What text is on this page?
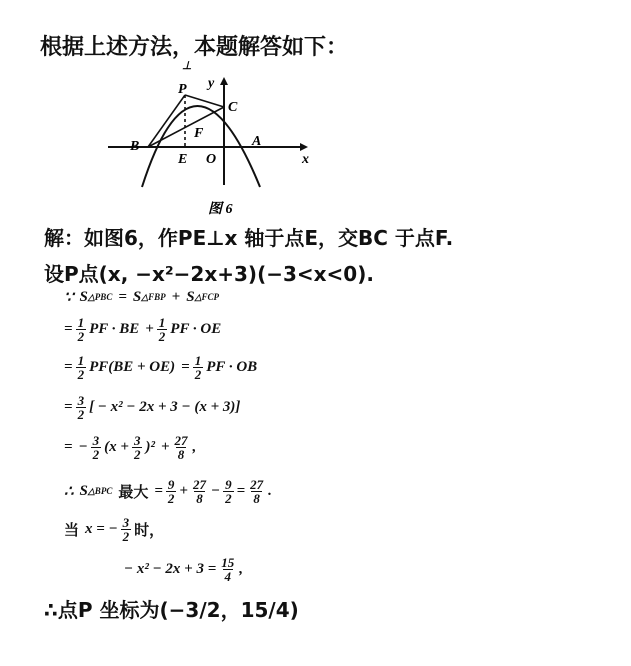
根据上述方法，本题解答如下：
⊥
y
P
C
F
B	A
E O	x
图 6
解：如图6，作PE⊥x 轴于点E，交BC 于点F.
设P点(x, −x²−2x+3)(−3<x<0).
∵ S △PBC = S △FBP + S △FCP
= $\frac{1}{2}$ PF · BE + $\frac{1}{2}$ PF · OE
= $\frac{1}{2} PF(BE + OE) = \frac{1}{2}$ PF · OB
= $\frac{3}{2}$ [ − x² − 2x + 3 − (x + 3)]
= − $\frac{3}{2} (x + \frac{3}{2} )^2 + \frac{27}{8}$ ,
∴ S △BPC 最大 = $\frac{9}{2} + \frac{27}{8} - \frac{9}{2} = \frac{27}{8}$ .
当 x = − $\frac{3}{2}$ 时，
− $x^2 - 2x + 3 = \frac{15}{4}$ ,
∴点P 坐标为(−3/2，15/4)
